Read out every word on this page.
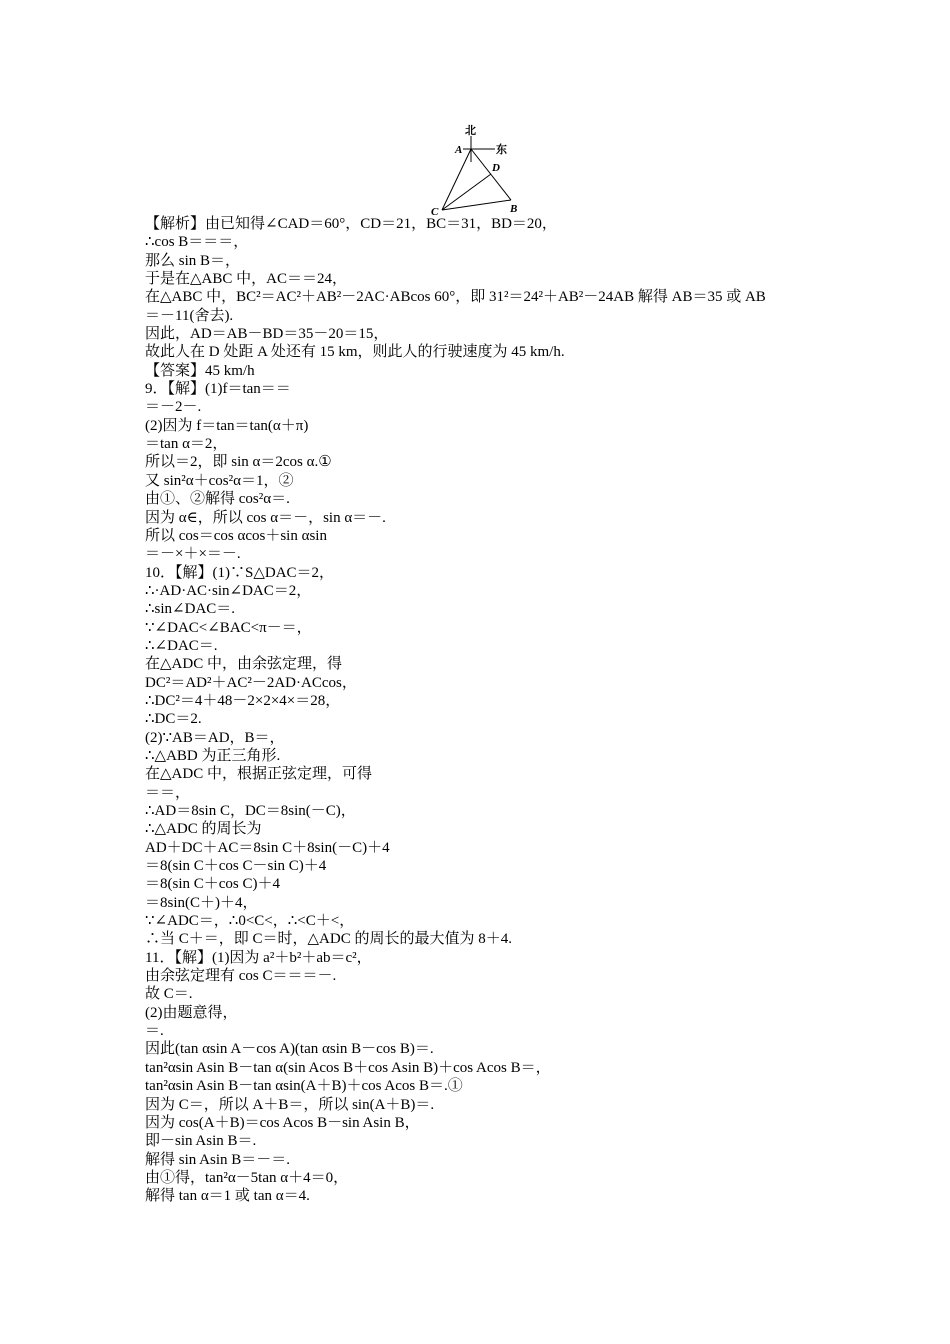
北
东
A
D
C	B
【解析】由已知得∠CAD＝60°，CD＝21，BC＝31，BD＝20，
∴cos B＝＝＝，
那么 sin B＝，
于是在△ABC 中，AC＝＝24，
在△ABC 中，BC²＝AC²＋AB²－2AC·ABcos 60°，即 31²＝24²＋AB²－24AB 解得 AB＝35 或 AB
＝－11(舍去).
因此，AD＝AB－BD＝35－20＝15，
故此人在 D 处距 A 处还有 15 km，则此人的行驶速度为 45 km/h.
【答案】45 km/h
9．【解】(1)f＝tan＝＝
＝－2－.
(2)因为 f＝tan＝tan(α＋π)
＝tan α＝2，
所以＝2，即 sin α＝2cos α.①
又 sin²α＋cos²α＝1，②
由①、②解得 cos²α＝.
因为 α∈，所以 cos α＝－，sin α＝－.
所以 cos＝cos αcos＋sin αsin
＝－×＋×＝－.
10．【解】(1)∵S△DAC＝2，
∴·AD·AC·sin∠DAC＝2，
∴sin∠DAC＝.
∵∠DAC<∠BAC<π－＝，
∴∠DAC＝.
在△ADC 中，由余弦定理，得
DC²＝AD²＋AC²－2AD·ACcos，
∴DC²＝4＋48－2×2×4×＝28，
∴DC＝2.
(2)∵AB＝AD，B＝，
∴△ABD 为正三角形.
在△ADC 中，根据正弦定理，可得
＝＝，
∴AD＝8sin C，DC＝8sin(－C)，
∴△ADC 的周长为
AD＋DC＋AC＝8sin C＋8sin(－C)＋4
＝8(sin C＋cos C－sin C)＋4
＝8(sin C＋cos C)＋4
＝8sin(C＋)＋4，
∵∠ADC＝，∴0<C<，∴<C＋<，
∴当 C＋＝，即 C＝时，△ADC 的周长的最大值为 8＋4.
11．【解】(1)因为 a²＋b²＋ab＝c²，
由余弦定理有 cos C＝＝＝－.
故 C＝.
(2)由题意得，
＝.
因此(tan αsin A－cos A)(tan αsin B－cos B)＝.
tan²αsin Asin B－tan α(sin Acos B＋cos Asin B)＋cos Acos B＝，
tan²αsin Asin B－tan αsin(A＋B)＋cos Acos B＝.①
因为 C＝，所以 A＋B＝，所以 sin(A＋B)＝.
因为 cos(A＋B)＝cos Acos B－sin Asin B，
即－sin Asin B＝.
解得 sin Asin B＝－＝.
由①得，tan²α－5tan α＋4＝0，
解得 tan α＝1 或 tan α＝4.
